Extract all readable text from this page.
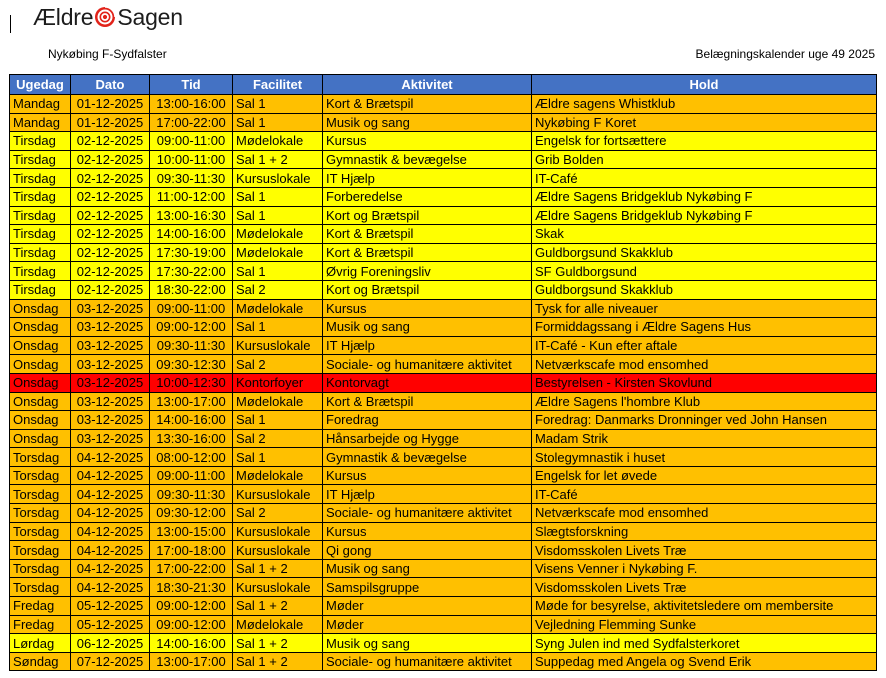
Ældre Sagen
Nykøbing F-Sydfalster	Belægningskalender uge 49 2025
Ugedag	Dato	Tid	Facilitet	Aktivitet	Hold
Mandag	01-12-2025	13:00-16:00	Sal 1	Kort & Brætspil	Ældre sagens Whistklub
Mandag	01-12-2025	17:00-22:00	Sal 1	Musik og sang	Nykøbing F Koret
Tirsdag	02-12-2025	09:00-11:00	Mødelokale	Kursus	Engelsk for fortsættere
Tirsdag	02-12-2025	10:00-11:00	Sal 1 + 2	Gymnastik & bevægelse	Grib Bolden
Tirsdag	02-12-2025	09:30-11:30	Kursuslokale	IT Hjælp	IT-Café
Tirsdag	02-12-2025	11:00-12:00	Sal 1	Forberedelse	Ældre Sagens Bridgeklub Nykøbing F
Tirsdag	02-12-2025	13:00-16:30	Sal 1	Kort og Brætspil	Ældre Sagens Bridgeklub Nykøbing F
Tirsdag	02-12-2025	14:00-16:00	Mødelokale	Kort & Brætspil	Skak
Tirsdag	02-12-2025	17:30-19:00	Mødelokale	Kort & Brætspil	Guldborgsund Skakklub
Tirsdag	02-12-2025	17:30-22:00	Sal 1	Øvrig Foreningsliv	SF Guldborgsund
Tirsdag	02-12-2025	18:30-22:00	Sal 2	Kort og Brætspil	Guldborgsund Skakklub
Onsdag	03-12-2025	09:00-11:00	Mødelokale	Kursus	Tysk for alle niveauer
Onsdag	03-12-2025	09:00-12:00	Sal 1	Musik og sang	Formiddagssang i Ældre Sagens Hus
Onsdag	03-12-2025	09:30-11:30	Kursuslokale	IT Hjælp	IT-Café - Kun efter aftale
Onsdag	03-12-2025	09:30-12:30	Sal 2	Sociale- og humanitære aktivitet	Netværkscafe mod ensomhed
Onsdag	03-12-2025	10:00-12:30	Kontorfoyer	Kontorvagt	Bestyrelsen - Kirsten Skovlund
Onsdag	03-12-2025	13:00-17:00	Mødelokale	Kort & Brætspil	Ældre Sagens l'hombre Klub
Onsdag	03-12-2025	14:00-16:00	Sal 1	Foredrag	Foredrag: Danmarks Dronninger ved John Hansen
Onsdag	03-12-2025	13:30-16:00	Sal 2	Hånsarbejde og Hygge	Madam Strik
Torsdag	04-12-2025	08:00-12:00	Sal 1	Gymnastik & bevægelse	Stolegymnastik i huset
Torsdag	04-12-2025	09:00-11:00	Mødelokale	Kursus	Engelsk for let øvede
Torsdag	04-12-2025	09:30-11:30	Kursuslokale	IT Hjælp	IT-Café
Torsdag	04-12-2025	09:30-12:00	Sal 2	Sociale- og humanitære aktivitet	Netværkscafe mod ensomhed
Torsdag	04-12-2025	13:00-15:00	Kursuslokale	Kursus	Slægtsforskning
Torsdag	04-12-2025	17:00-18:00	Kursuslokale	Qi gong	Visdomsskolen Livets Træ
Torsdag	04-12-2025	17:00-22:00	Sal 1 + 2	Musik og sang	Visens Venner i Nykøbing F.
Torsdag	04-12-2025	18:30-21:30	Kursuslokale	Samspilsgruppe	Visdomsskolen Livets Træ
Fredag	05-12-2025	09:00-12:00	Sal 1 + 2	Møder	Møde for besyrelse, aktivitetsledere om membersite
Fredag	05-12-2025	09:00-12:00	Mødelokale	Møder	Vejledning Flemming Sunke
Lørdag	06-12-2025	14:00-16:00	Sal 1 + 2	Musik og sang	Syng Julen ind med Sydfalsterkoret
Søndag	07-12-2025	13:00-17:00	Sal 1 + 2	Sociale- og humanitære aktivitet	Suppedag med Angela og Svend Erik
